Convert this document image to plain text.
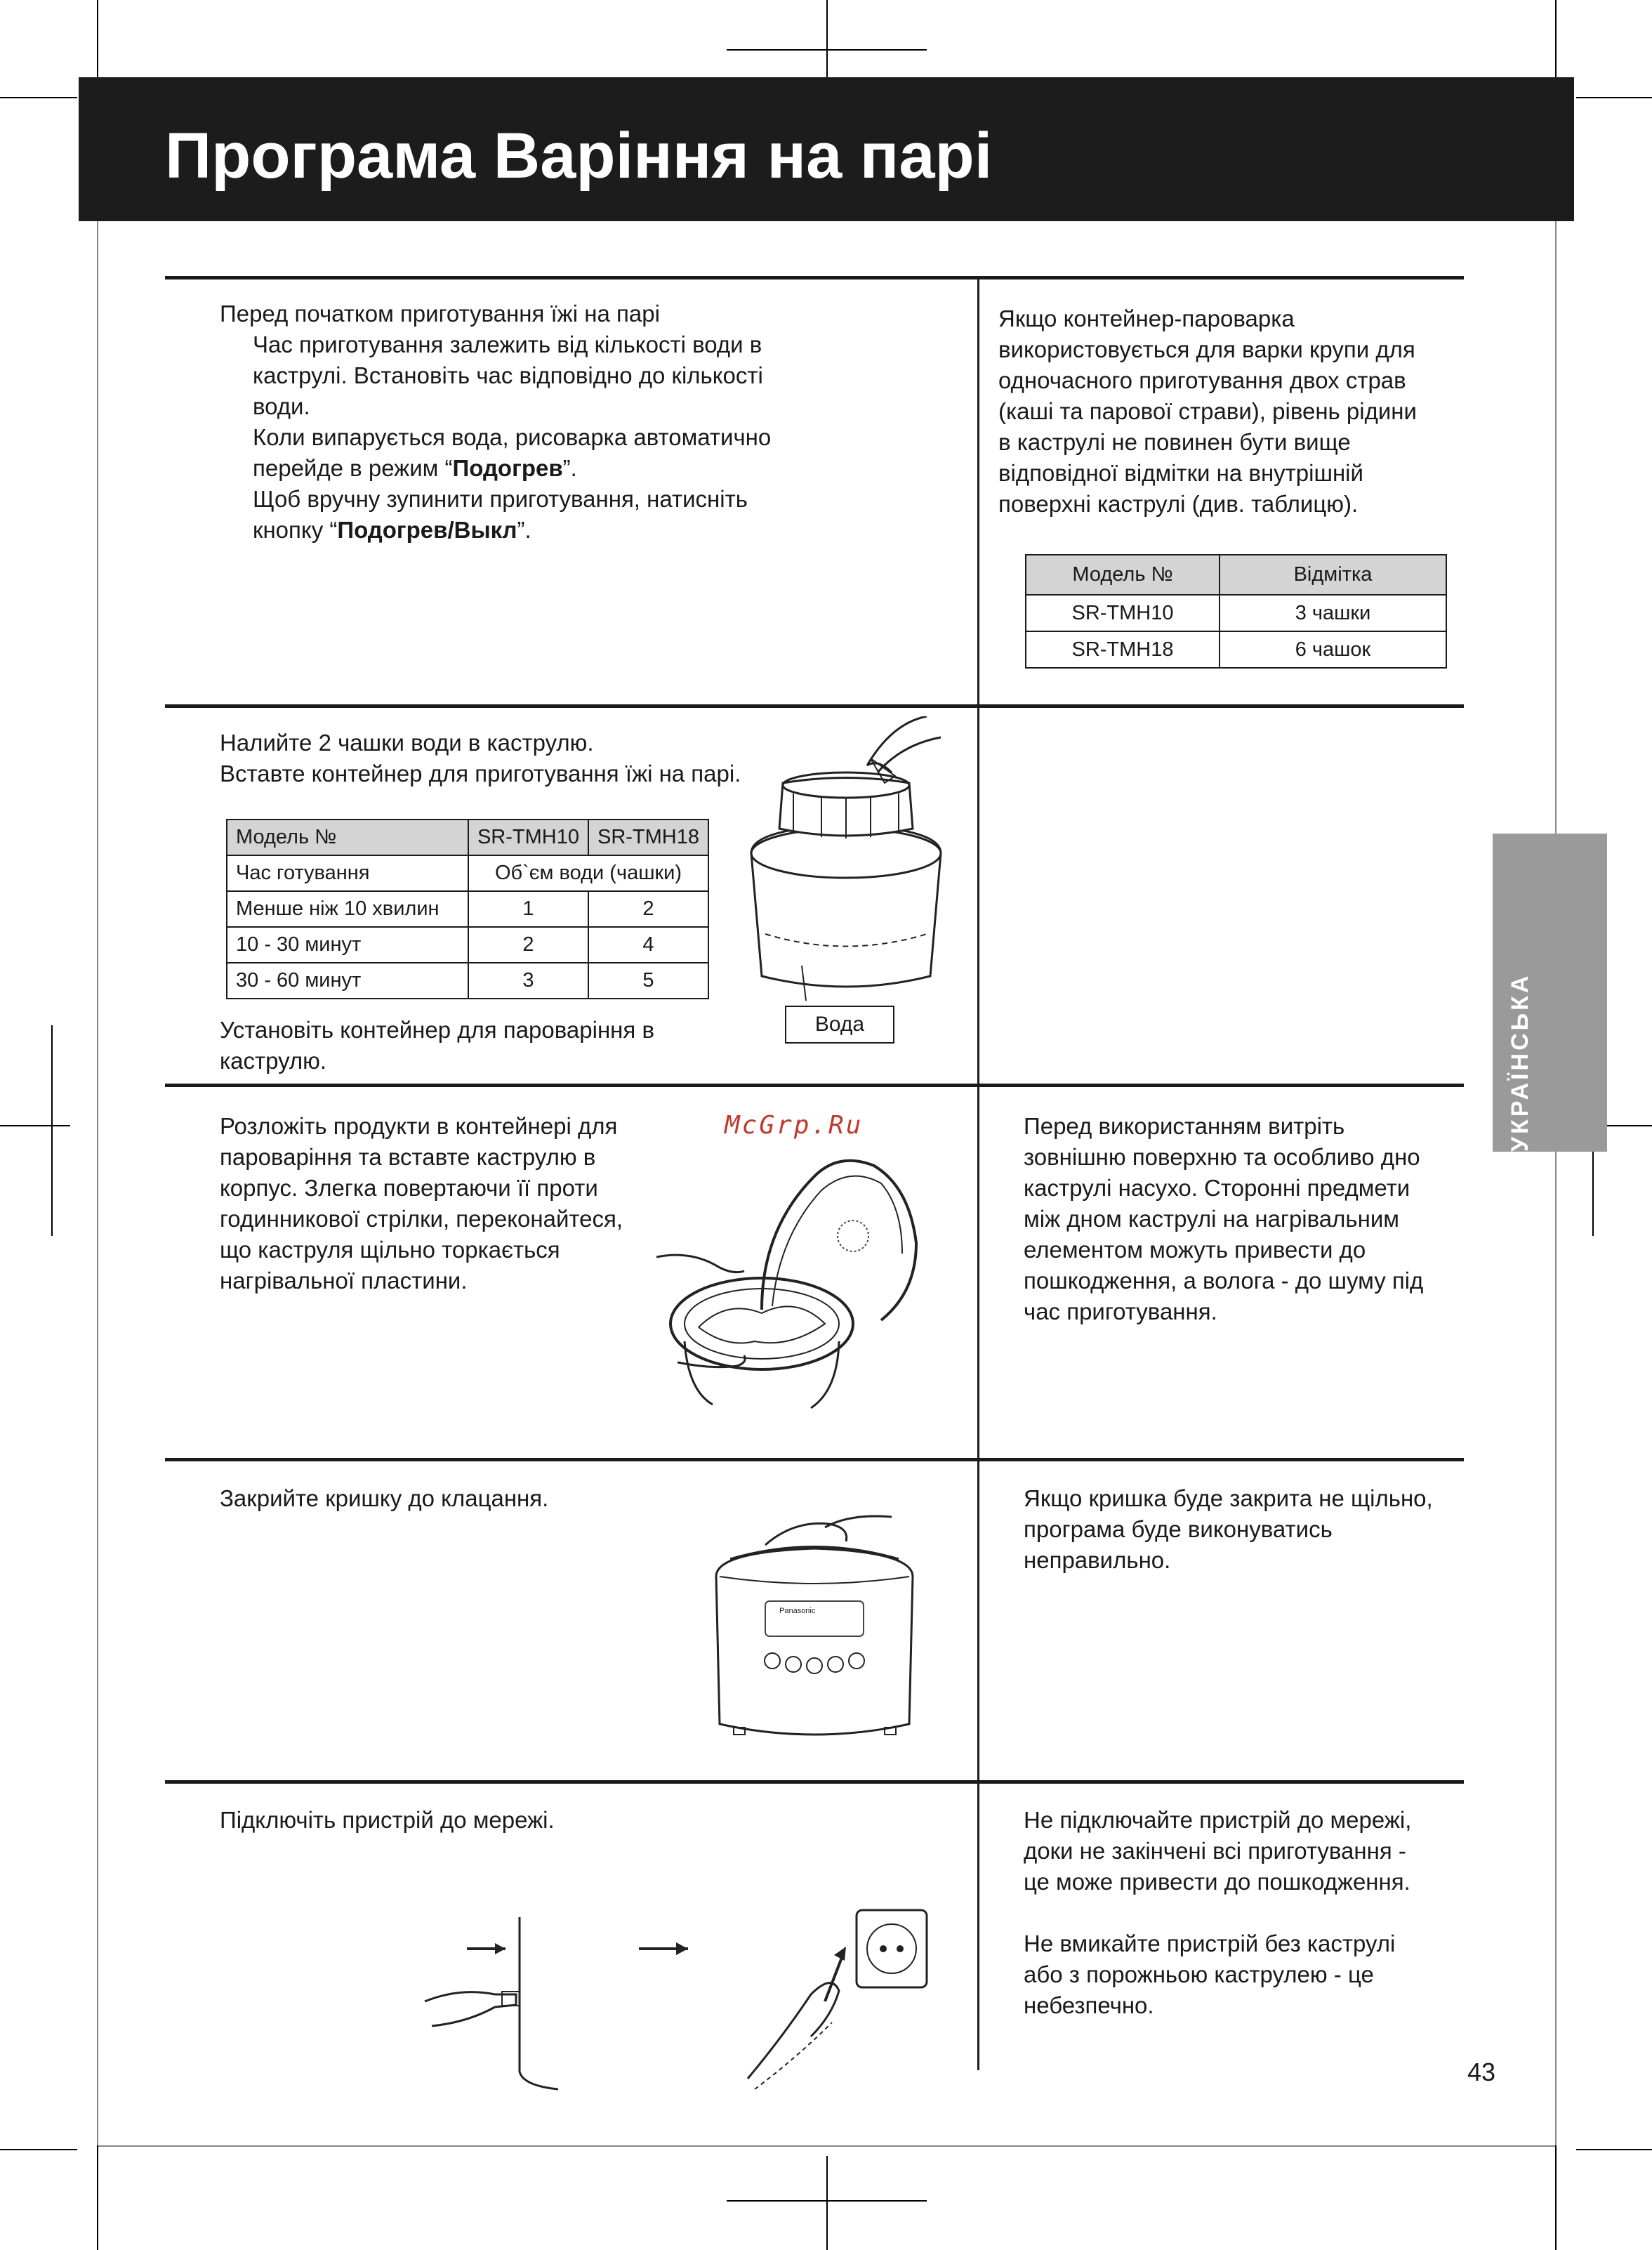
Програма Варіння на парі
УКРАЇНСЬКА
Перед початком приготування їжі на парі
Час приготування залежить від кількості води в
каструлі. Встановіть час відповідно до кількості
води.
Коли випарується вода, рисоварка автоматично
перейде в режим “Подогрев”.
Щоб вручну зупинити приготування, натисніть
кнопку “Подогрев/Выкл”.
Якщо контейнер-пароварка
використовується для варки крупи для
одночасного приготування двох страв
(каші та парової страви), рівень рідини
в каструлі не повинен бути вище
відповідної відмітки на внутрішній
поверхні каструлі (див. таблицю).
Модель №	Відмітка
SR-TMH10	3 чашки
SR-TMH18	6 чашок
Налийте 2 чашки води в каструлю.
Вставте контейнер для приготування їжі на парі.
Модель №	SR-TMH10	SR-TMH18
Час готування	Об`єм води (чашки)	
Менше ніж 10 хвилин	1	2
10 - 30 минут	2	4
30 - 60 минут	3	5
Установіть контейнер для пароваріння в
каструлю.
Вода
Розложіть продукти в контейнері для
пароваріння та вставте каструлю в
корпус. Злегка повертаючи її проти
годинникової стрілки, переконайтеся,
що каструля щільно торкається
нагрівальної пластини.
McGrp.Ru	Перед використанням витріть
зовнішню поверхню та особливо дно
каструлі насухо. Сторонні предмети
між дном каструлі на нагрівальним
елементом можуть привести до
пошкодження, а волога - до шуму під
час приготування.
Закрийте кришку до клацання.
Panasonic
Якщо кришка буде закрита не щільно,
програма буде виконуватись
неправильно.
Підключіть пристрій до мережі.	Не підключайте пристрій до мережі,
доки не закінчені всі приготування -
це може привести до пошкодження.
Не вмикайте пристрій без каструлі
або з порожньою каструлею - це
небезпечно.
43
